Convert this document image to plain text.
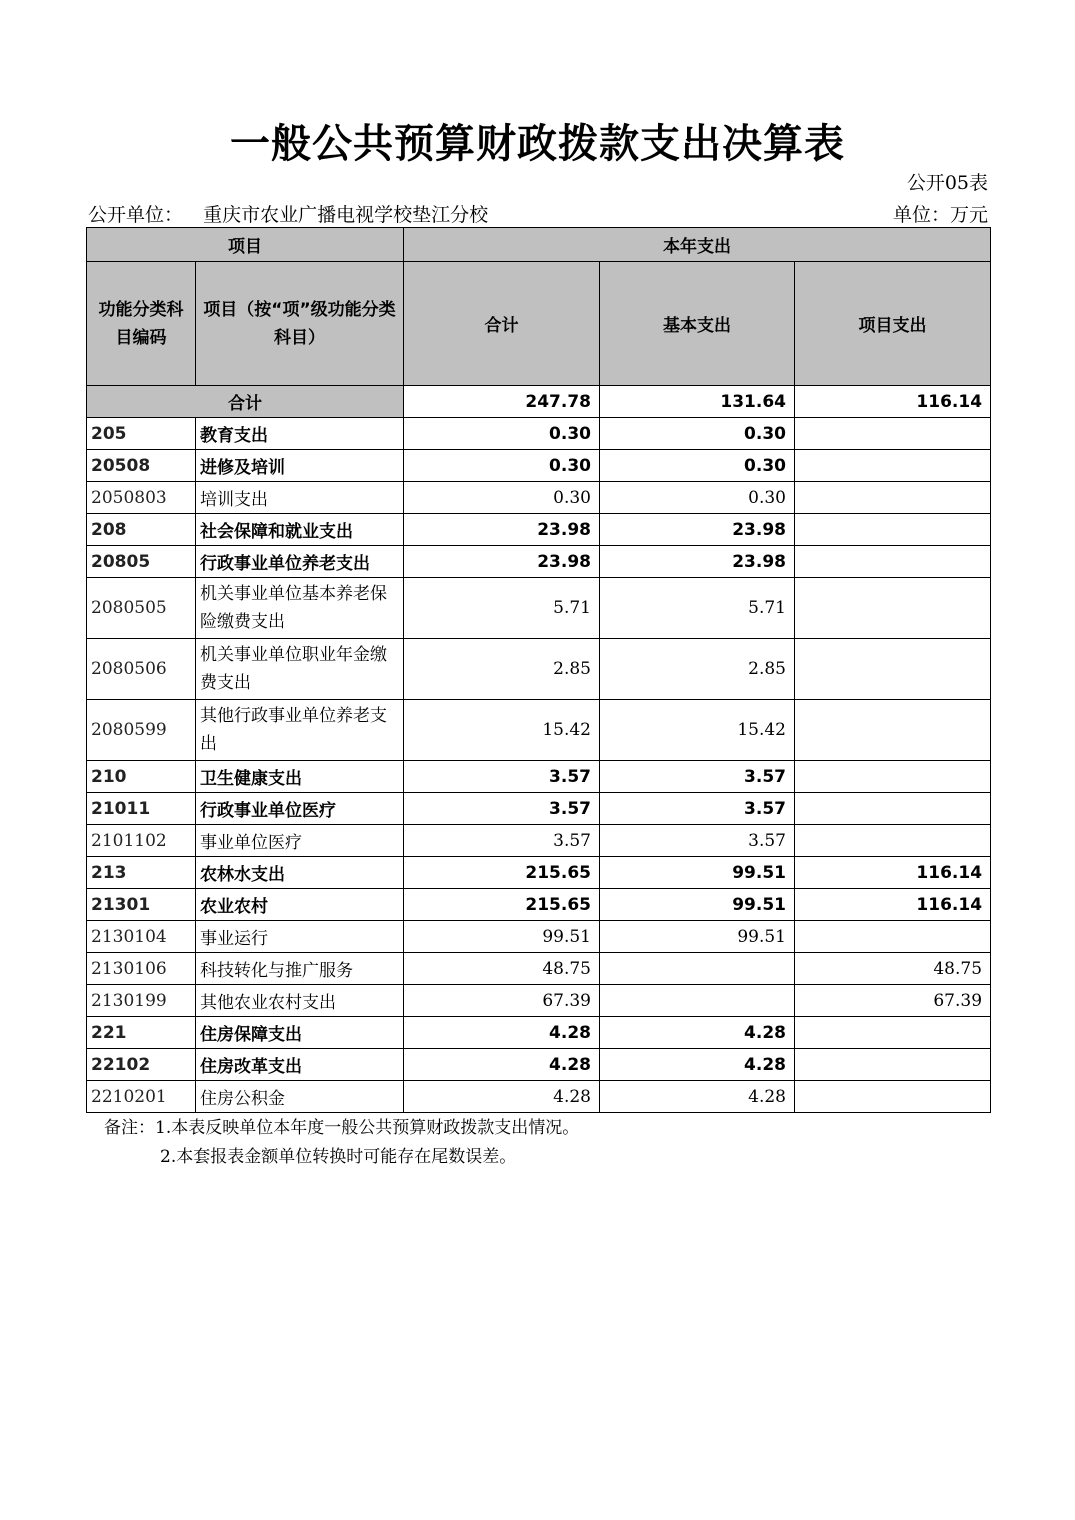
一般公共预算财政拨款支出决算表
公开05表
公开单位： 重庆市农业广播电视学校垫江分校	单位：万元
项目		本年支出		
功能分类科目编码	项目（按“项”级功能分类科目）	合计	基本支出	项目支出
合计		247.78	131.64	116.14
205	教育支出	0.30	0.30	
20508	进修及培训	0.30	0.30	
2050803	培训支出	0.30	0.30	
208	社会保障和就业支出	23.98	23.98	
20805	行政事业单位养老支出	23.98	23.98	
2080505	机关事业单位基本养老保险缴费支出	5.71	5.71	
2080506	机关事业单位职业年金缴费支出	2.85	2.85	
2080599	其他行政事业单位养老支出	15.42	15.42	
210	卫生健康支出	3.57	3.57	
21011	行政事业单位医疗	3.57	3.57	
2101102	事业单位医疗	3.57	3.57	
213	农林水支出	215.65	99.51	116.14
21301	农业农村	215.65	99.51	116.14
2130104	事业运行	99.51	99.51	
2130106	科技转化与推广服务	48.75		48.75
2130199	其他农业农村支出	67.39		67.39
221	住房保障支出	4.28	4.28	
22102	住房改革支出	4.28	4.28	
2210201	住房公积金	4.28	4.28	
备注：1.本表反映单位本年度一般公共预算财政拨款支出情况。
2.本套报表金额单位转换时可能存在尾数误差。
